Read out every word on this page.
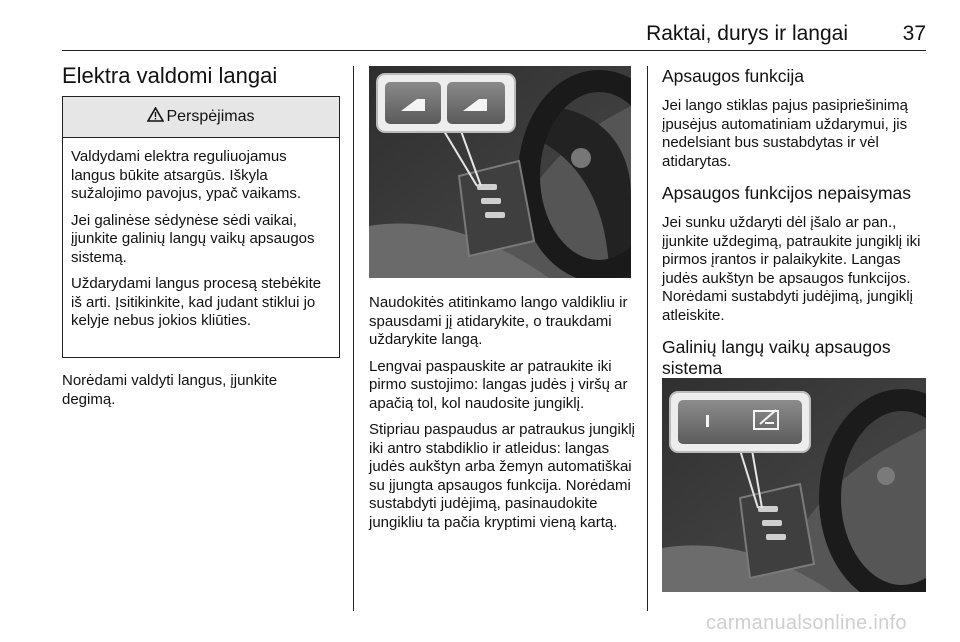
Raktai, durys ir langai	37
Elektra valdomi langai
Perspėjimas

Valdydami elektra reguliuojamus langus būkite atsargūs. Iškyla sužalojimo pavojus, ypač vaikams.

Jei galinėse sėdynėse sėdi vaikai, įjunkite galinių langų vaikų apsaugos sistemą.

Uždarydami langus procesą stebėkite iš arti. Įsitikinkite, kad judant stiklui jo kelyje nebus jokios kliūties.

Norėdami valdyti langus, įjunkite degimą.

Naudokitės atitinkamo lango valdikliu ir spausdami jį atidarykite, o traukdami uždarykite langą.

Lengvai paspauskite ar patraukite iki pirmo sustojimo: langas judės į viršų ar apačią tol, kol naudosite jungiklį.

Stipriau paspaudus ar patraukus jungiklį iki antro stabdiklio ir atleidus: langas judės aukštyn arba žemyn automatiškai su įjungta apsaugos funkcija. Norėdami sustabdyti judėjimą, pasinaudokite jungikliu ta pačia kryptimi vieną kartą.

Apsaugos funkcija

Jei lango stiklas pajus pasipriešinimą įpusėjus automatiniam uždarymui, jis nedelsiant bus sustabdytas ir vėl atidarytas.

Apsaugos funkcijos nepaisymas

Jei sunku uždaryti dėl įšalo ar pan., įjunkite uždegimą, patraukite jungiklį iki pirmos įrantos ir palaikykite. Langas judės aukštyn be apsaugos funkcijos. Norėdami sustabdyti judėjimą, jungiklį atleiskite.

Galinių langų vaikų apsaugos sistema
carmanualsonline.info
